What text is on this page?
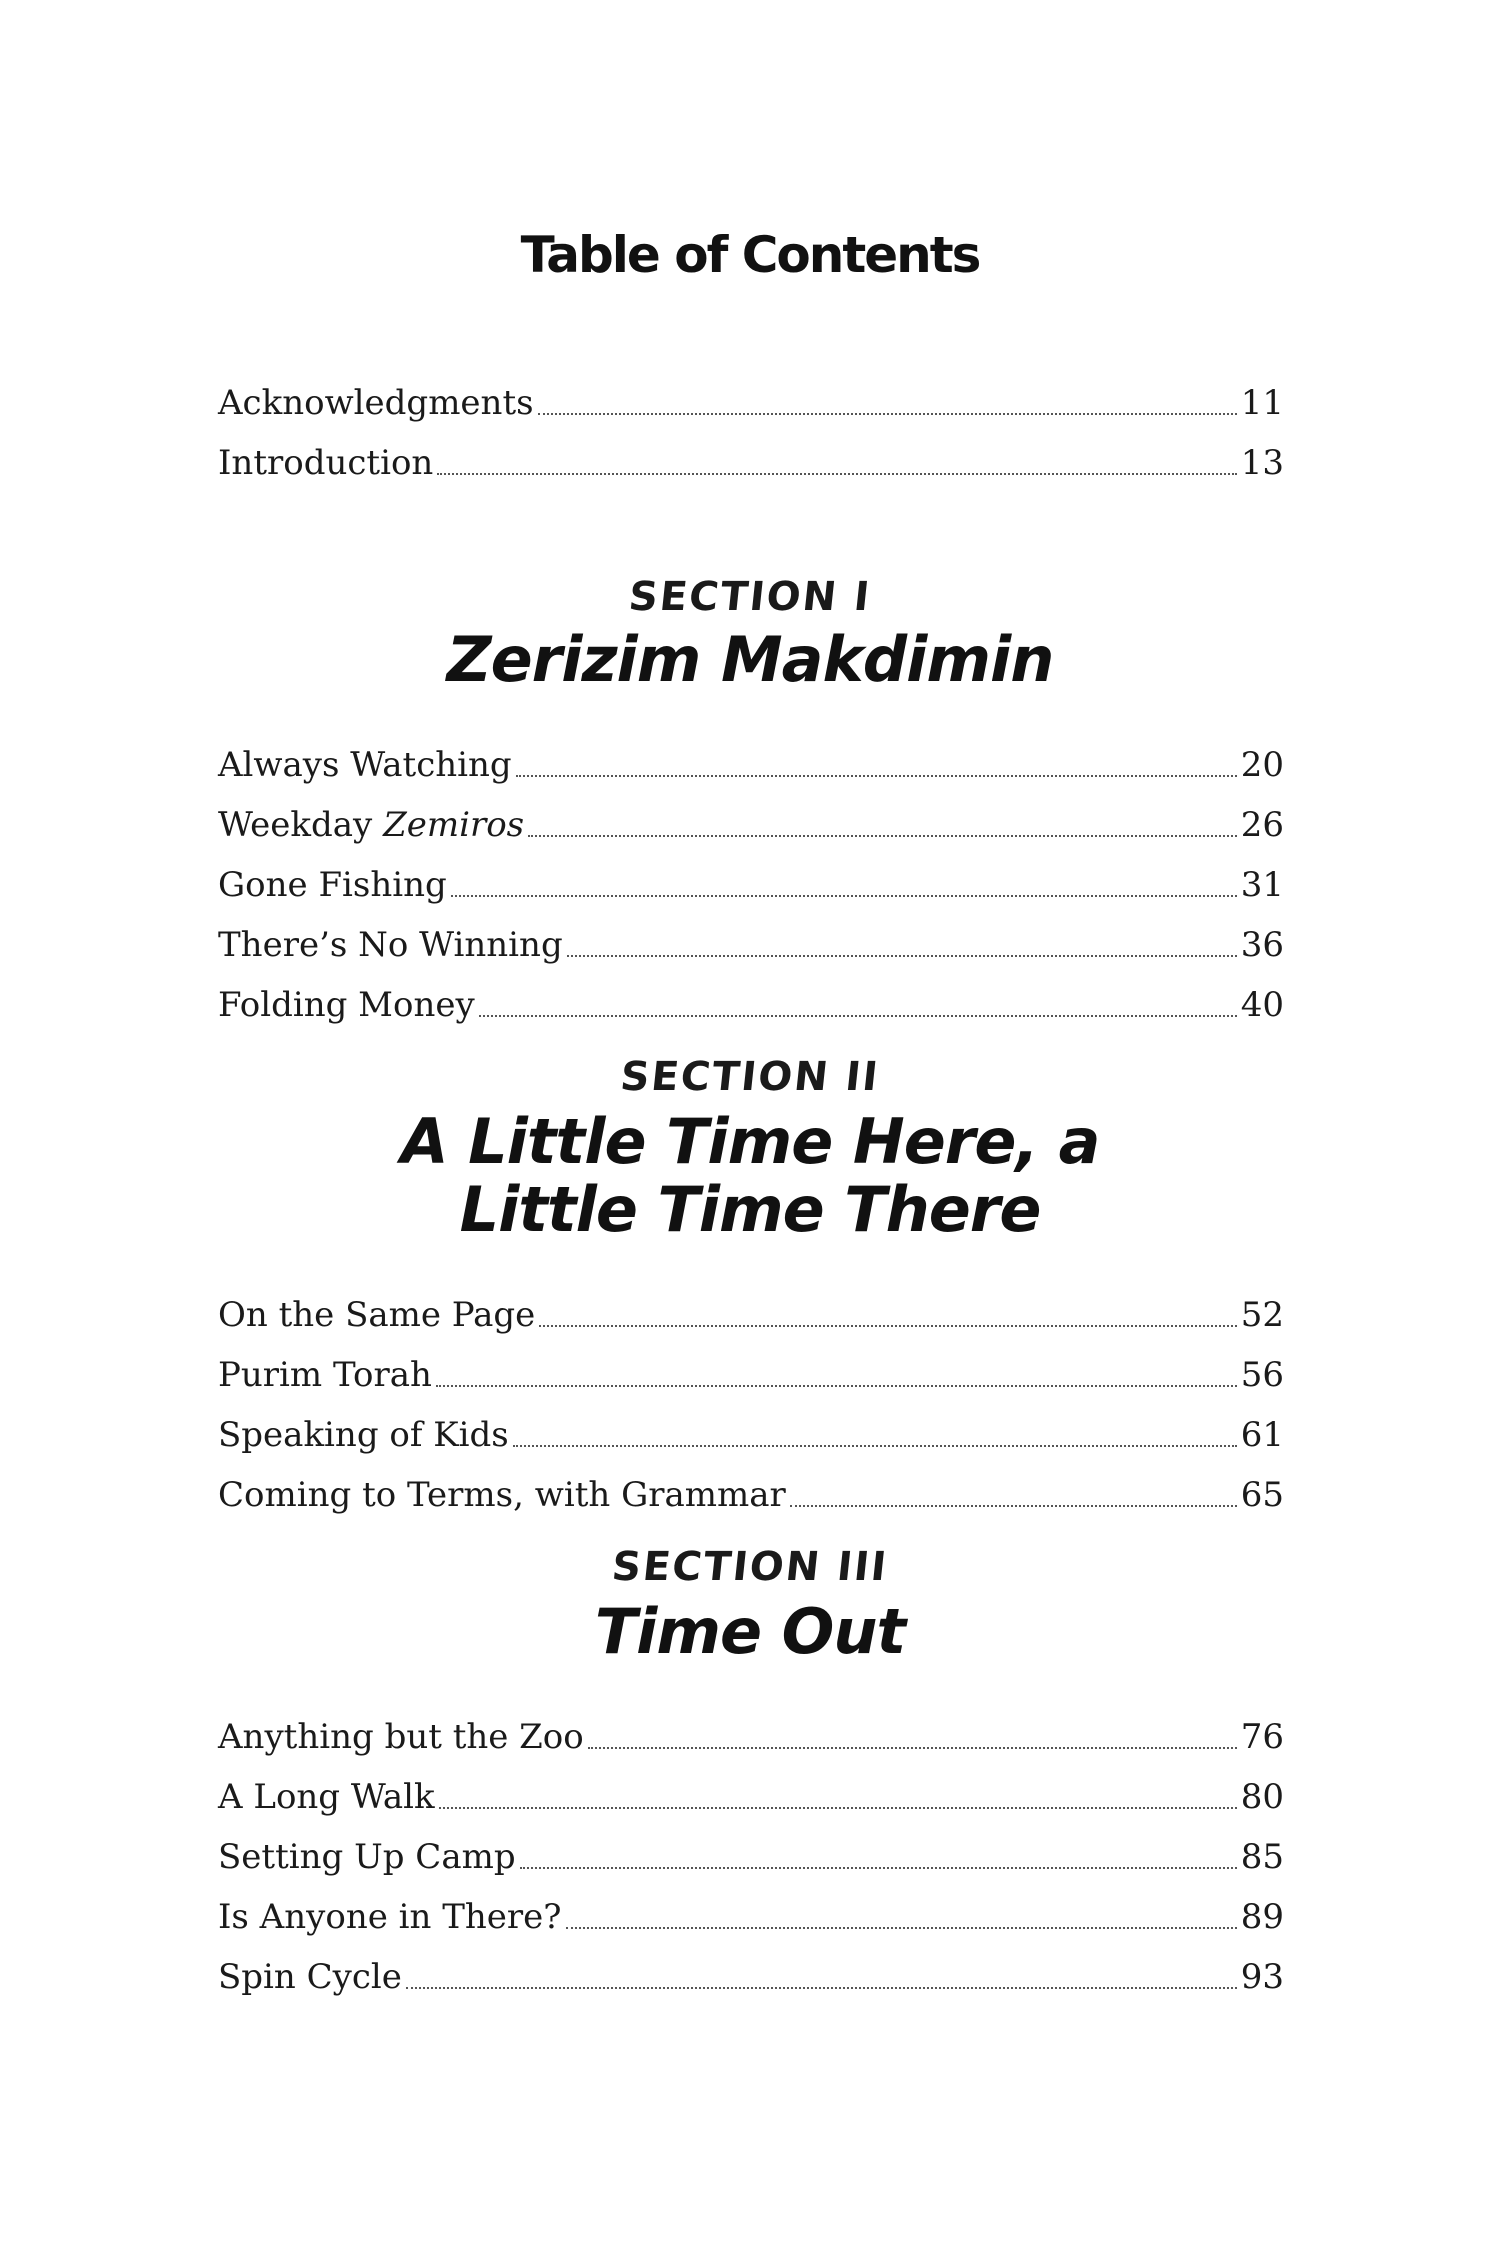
Table of Contents
Acknowledgments	11
Introduction	13
SECTION I
Zerizim Makdimin
Always Watching	20
Weekday Zemiros	26
Gone Fishing	31
There’s No Winning	36
Folding Money	40
SECTION II
A Little Time Here, a
Little Time There
On the Same Page	52
Purim Torah	56
Speaking of Kids	61
Coming to Terms, with Grammar	65
SECTION III
Time Out
Anything but the Zoo	76
A Long Walk	80
Setting Up Camp	85
Is Anyone in There?	89
Spin Cycle	93
